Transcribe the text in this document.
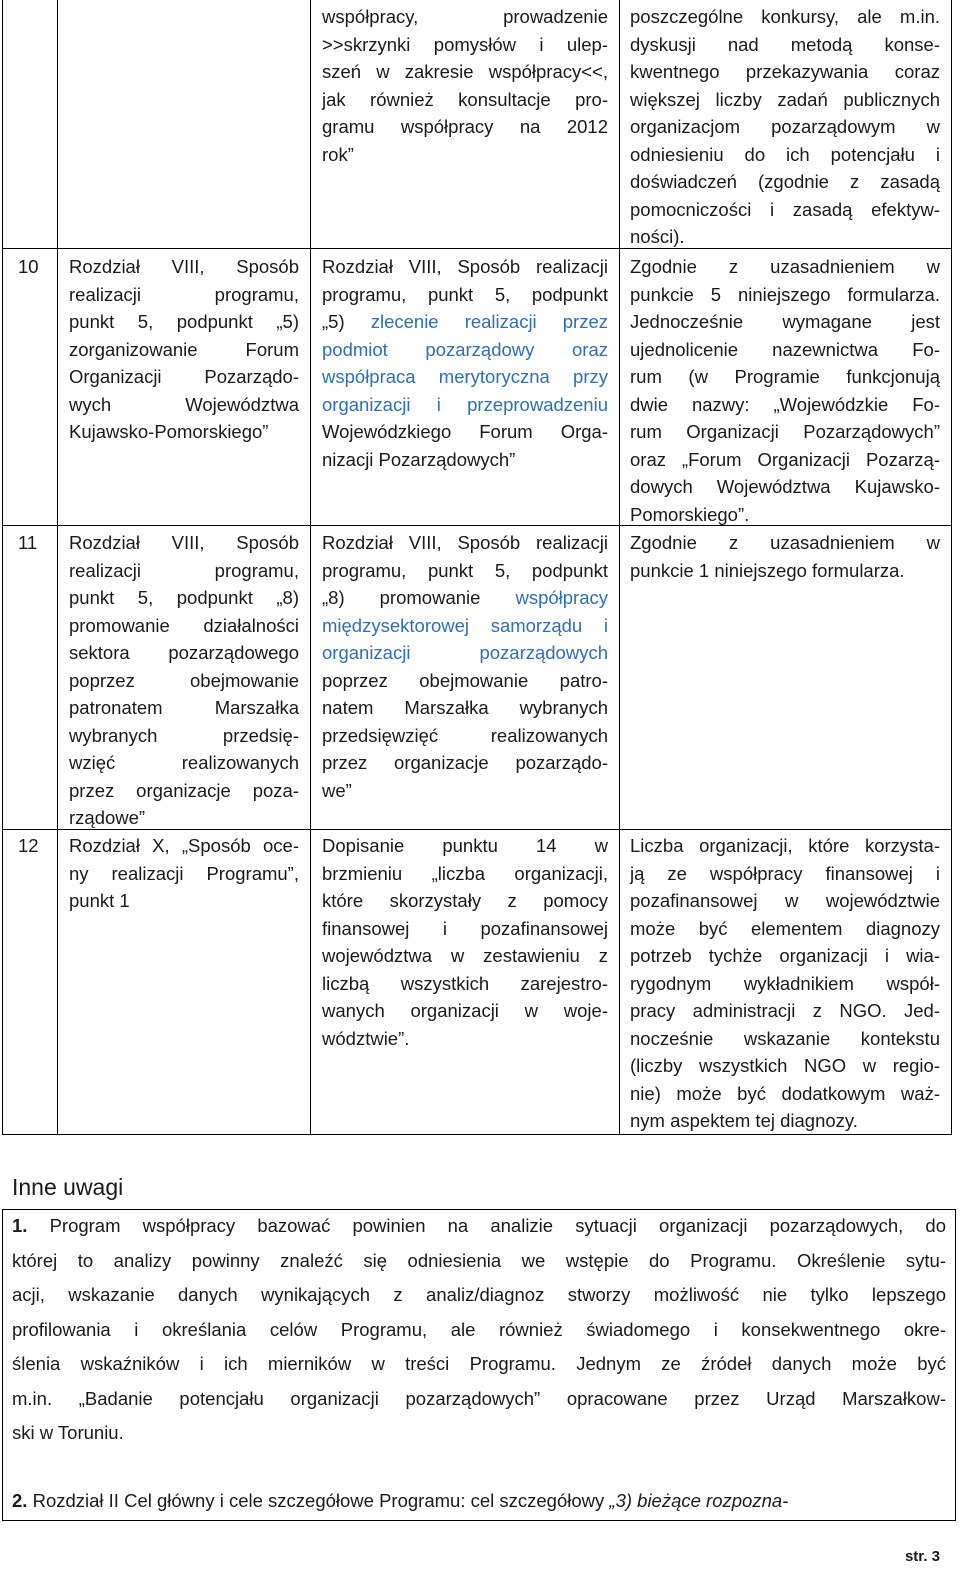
współpracy, prowadzenie
>>skrzynki pomysłów i ulep-
szeń w zakresie współpracy<<,
jak również konsultacje pro-
gramu współpracy na 2012
rok”
poszczególne konkursy, ale m.in.
dyskusji nad metodą konse-
kwentnego przekazywania coraz
większej liczby zadań publicznych
organizacjom pozarządowym w
odniesieniu do ich potencjału i
doświadczeń (zgodnie z zasadą
pomocniczości i zasadą efektyw-
ności).
10 Rozdział VIII, Sposób
realizacji programu,
punkt 5, podpunkt „5)
zorganizowanie Forum
Organizacji Pozarządo-
wych Województwa
Kujawsko-Pomorskiego”
Rozdział VIII, Sposób realizacji
programu, punkt 5, podpunkt
„5) zlecenie realizacji przez
podmiot pozarządowy oraz
współpraca merytoryczna przy
organizacji i przeprowadzeniu
Wojewódzkiego Forum Orga-
nizacji Pozarządowych”
Zgodnie z uzasadnieniem w
punkcie 5 niniejszego formularza.
Jednocześnie wymagane jest
ujednolicenie nazewnictwa Fo-
rum (w Programie funkcjonują
dwie nazwy: „Wojewódzkie Fo-
rum Organizacji Pozarządowych”
oraz „Forum Organizacji Pozarzą-
dowych Województwa Kujawsko-
Pomorskiego”.
11 Rozdział VIII, Sposób
realizacji programu,
punkt 5, podpunkt „8)
promowanie działalności
sektora pozarządowego
poprzez obejmowanie
patronatem Marszałka
wybranych przedsię-
wzięć realizowanych
przez organizacje poza-
rządowe”
Rozdział VIII, Sposób realizacji
programu, punkt 5, podpunkt
„8) promowanie współpracy
międzysektorowej samorządu i
organizacji pozarządowych
poprzez obejmowanie patro-
natem Marszałka wybranych
przedsięwzięć realizowanych
przez organizacje pozarządo-
we”
Zgodnie z uzasadnieniem w
punkcie 1 niniejszego formularza.
12 Rozdział X, „Sposób oce-
ny realizacji Programu”,
punkt 1
Dopisanie punktu 14 w
brzmieniu „liczba organizacji,
które skorzystały z pomocy
finansowej i pozafinansowej
województwa w zestawieniu z
liczbą wszystkich zarejestro-
wanych organizacji w woje-
wództwie”.
Liczba organizacji, które korzysta-
ją ze współpracy finansowej i
pozafinansowej w województwie
może być elementem diagnozy
potrzeb tychże organizacji i wia-
rygodnym wykładnikiem współ-
pracy administracji z NGO. Jed-
nocześnie wskazanie kontekstu
(liczby wszystkich NGO w regio-
nie) może być dodatkowym waż-
nym aspektem tej diagnozy.
Inne uwagi
1. Program współpracy bazować powinien na analizie sytuacji organizacji pozarządowych, do
której to analizy powinny znaleźć się odniesienia we wstępie do Programu. Określenie sytu-
acji, wskazanie danych wynikających z analiz/diagnoz stworzy możliwość nie tylko lepszego
profilowania i określania celów Programu, ale również świadomego i konsekwentnego okre-
ślenia wskaźników i ich mierników w treści Programu. Jednym ze źródeł danych może być
m.in. „Badanie potencjału organizacji pozarządowych” opracowane przez Urząd Marszałkow-
ski w Toruniu.
2. Rozdział II Cel główny i cele szczegółowe Programu: cel szczegółowy „3) bieżące rozpozna-
str. 3
